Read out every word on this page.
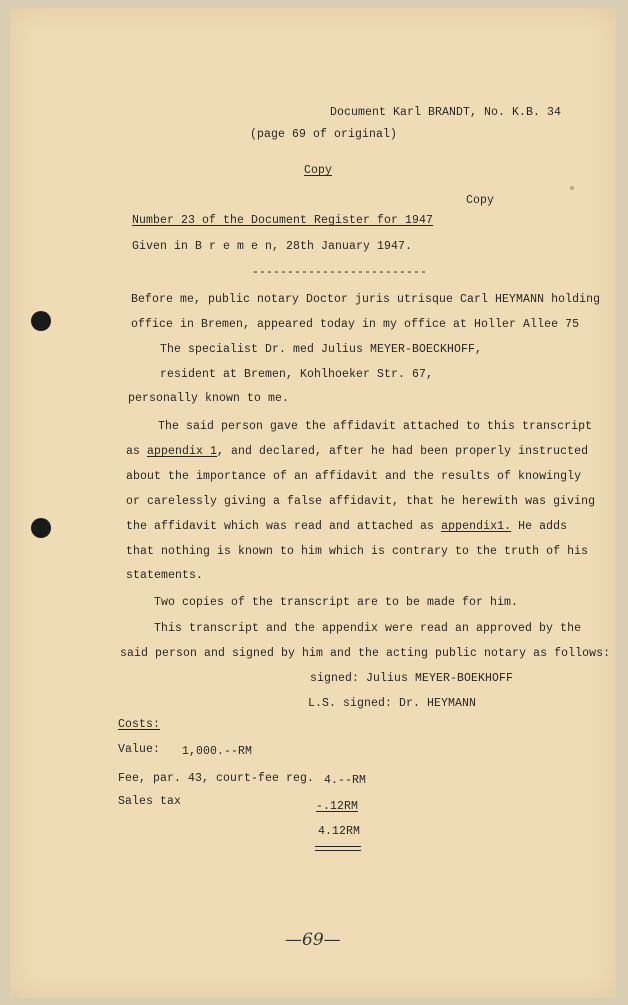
Document Karl BRANDT, No. K.B. 34
(page 69 of original)
Copy
Copy
Number 23 of the Document Register for 1947
Given in B r e m e n, 28th January 1947.
-------------------------
Before me, public notary Doctor juris utrisque Carl HEYMANN holding
office in Bremen, appeared today in my office at Holler Allee 75
The specialist Dr. med Julius MEYER-BOECKHOFF,
resident at Bremen, Kohlhoeker Str. 67,
personally known to me.
The said person gave the affidavit attached to this transcript
as appendix 1, and declared, after he had been properly instructed
about the importance of an affidavit and the results of knowingly
or carelessly giving a false affidavit, that he herewith was giving
the affidavit which was read and attached as appendix1. He adds
that nothing is known to him which is contrary to the truth of his
statements.
Two copies of the transcript are to be made for him.
This transcript and the appendix were read an approved by the
said person and signed by him and the acting public notary as follows:
signed: Julius MEYER-BOEKHOFF
L.S. signed: Dr. HEYMANN
Costs:
Value: 1,000.--RM
Fee, par. 43, court-fee reg. 4.--RM
Sales tax	-.12RM
4.12RM
—69—
